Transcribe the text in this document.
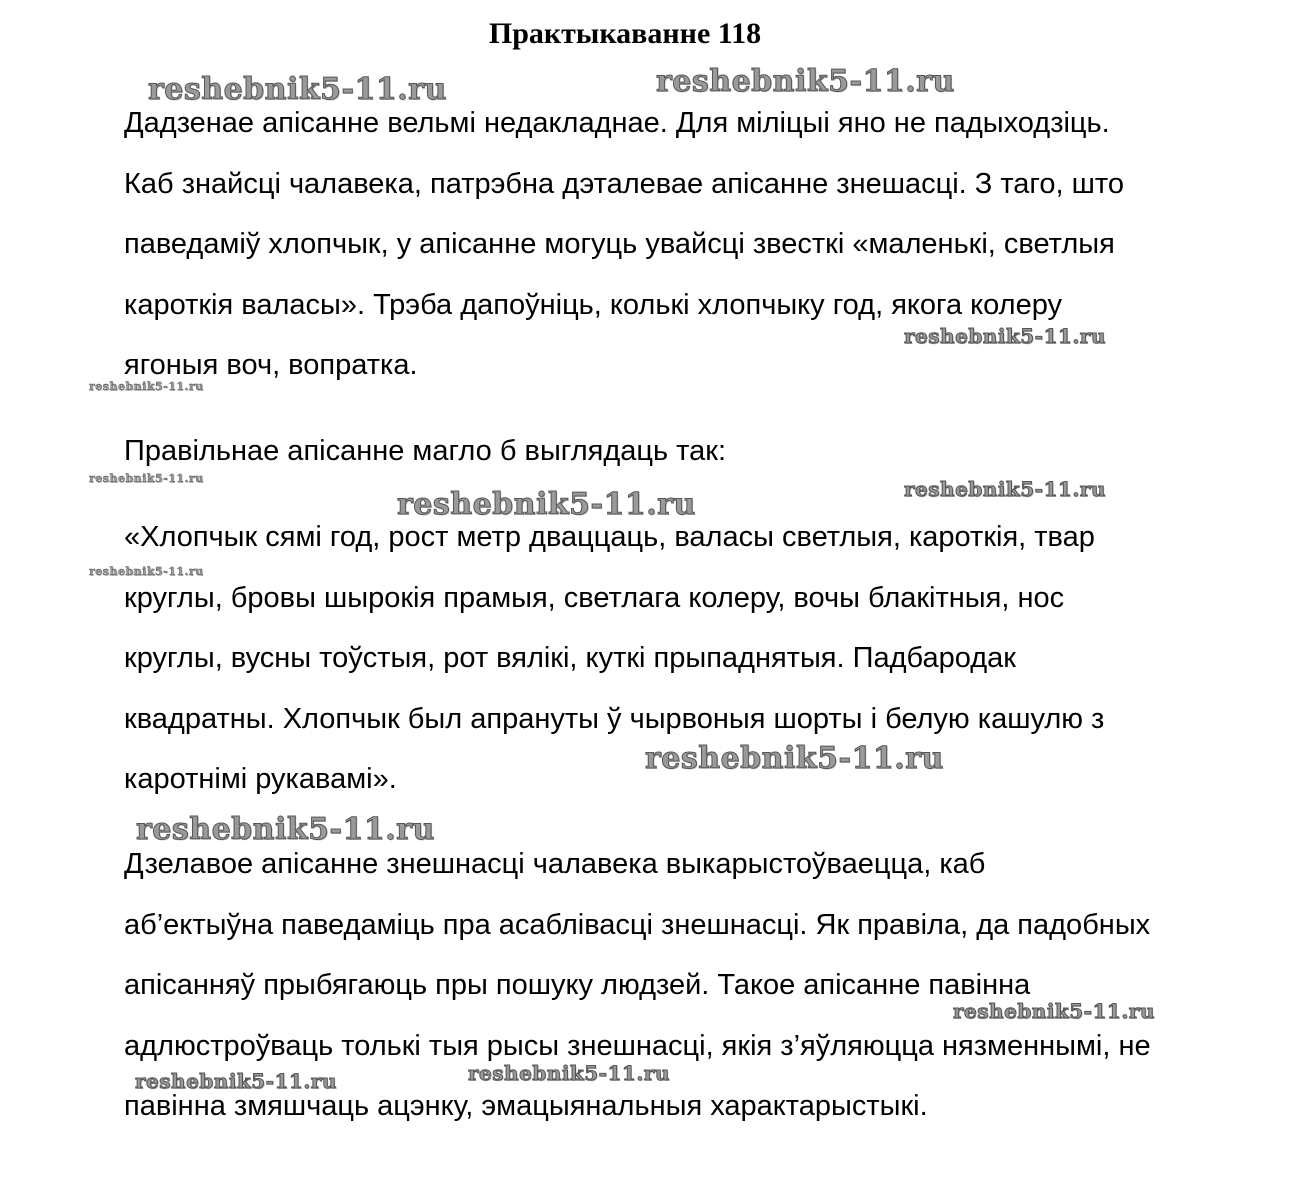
Практыкаванне 118

Дадзенае апісанне вельмі недакладнае. Для міліцыі яно не падыходзіць.
Каб знайсці чалавека, патрэбна дэталевае апісанне знешасці. З таго, што
паведаміў хлопчык, у апісанне могуць увайсці звесткі «маленькі, светлыя
кароткія валасы». Трэба дапоўніць, колькі хлопчыку год, якога колеру
ягоныя воч, вопратка.

Правільнае апісанне магло б выглядаць так:

«Хлопчык сямі год, рост метр дваццаць, валасы светлыя, кароткія, твар
круглы, бровы шырокія прамыя, светлага колеру, вочы блакітныя, нос
круглы, вусны тоўстыя, рот вялікі, куткі прыпаднятыя. Падбародак
квадратны. Хлопчык был апрануты ў чырвоныя шорты і белую кашулю з
каротнімі рукавамі».

Дзелавое апісанне знешнасці чалавека выкарыстоўваецца, каб
аб’ектыўна паведаміць пра асаблівасці знешнасці. Як правіла, да падобных
апісанняў прыбягаюць пры пошуку людзей. Такое апісанне павінна
адлюстроўваць толькі тыя рысы знешнасці, якія з’яўляюцца нязменнымі, не
павінна змяшчаць ацэнку, эмацыянальныя характарыстыкі.

reshebnik5-11.ru	reshebnik5-11.ru
reshebnik5-11.ru
reshebnik5-11.ru
reshebnik5-11.ru	reshebnik5-11.ru
reshebnik5-11.ru
reshebnik5-11.ru
reshebnik5-11.ru
reshebnik5-11.ru
reshebnik5-11.ru
reshebnik5-11.ru	reshebnik5-11.ru
